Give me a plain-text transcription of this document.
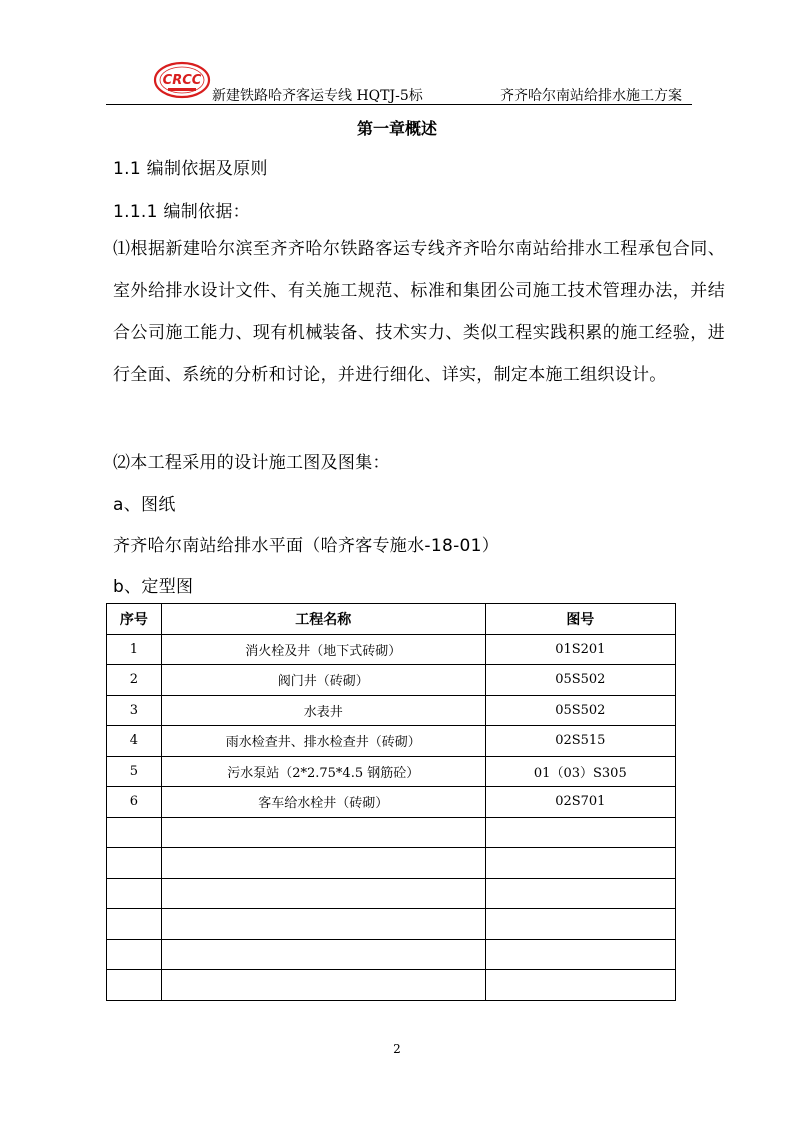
CRCC
新建铁路哈齐客运专线 HQTJ-5标	齐齐哈尔南站给排水施工方案
第一章概述
1.1 编制依据及原则
1.1.1 编制依据：
⑴根据新建哈尔滨至齐齐哈尔铁路客运专线齐齐哈尔南站给排水工程承包合同、室外给排水设计文件、有关施工规范、标准和集团公司施工技术管理办法，并结合公司施工能力、现有机械装备、技术实力、类似工程实践积累的施工经验，进行全面、系统的分析和讨论，并进行细化、详实，制定本施工组织设计。
⑵本工程采用的设计施工图及图集：
a、图纸
齐齐哈尔南站给排水平面（哈齐客专施水-18-01）
b、定型图
序号	工程名称	图号
1	消火栓及井（地下式砖砌）	01S201
2	阀门井（砖砌）	05S502
3	水表井	05S502
4	雨水检查井、排水检查井（砖砌）	02S515
5	污水泵站（2*2.75*4.5 钢筋砼）	01（03）S305
6	客车给水栓井（砖砌）	02S701

2
